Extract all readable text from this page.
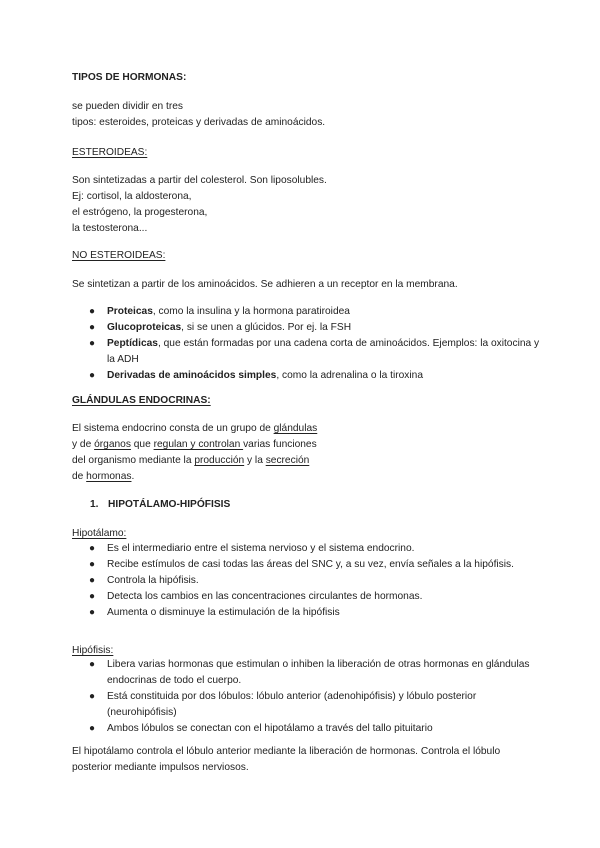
TIPOS DE HORMONAS:

se pueden dividir en tres

tipos: esteroides, proteicas y derivadas de aminoácidos.

ESTEROIDEAS:

Son sintetizadas a partir del colesterol. Son liposolubles.

Ej: cortisol, la aldosterona,

el estrógeno, la progesterona,

la testosterona...

NO ESTEROIDEAS:

Se sintetizan a partir de los aminoácidos. Se adhieren a un receptor en la membrana.

● Proteicas, como la insulina y la hormona paratiroidea
● Glucoproteicas, si se unen a glúcidos. Por ej. la FSH
● Peptídicas, que están formadas por una cadena corta de aminoácidos. Ejemplos: la oxitocina y la ADH
● Derivadas de aminoácidos simples, como la adrenalina o la tiroxina

GLÁNDULAS ENDOCRINAS:

El sistema endocrino consta de un grupo de glándulas

y de órganos que regulan y controlan varias funciones

del organismo mediante la producción y la secreción

de hormonas.

1. HIPOTÁLAMO-HIPÓFISIS

Hipotálamo:

● Es el intermediario entre el sistema nervioso y el sistema endocrino.
● Recibe estímulos de casi todas las áreas del SNC y, a su vez, envía señales a la hipófisis.
● Controla la hipófisis.
● Detecta los cambios en las concentraciones circulantes de hormonas.
● Aumenta o disminuye la estimulación de la hipófisis

Hipófisis:

● Libera varias hormonas que estimulan o inhiben la liberación de otras hormonas en glándulas endocrinas de todo el cuerpo.
● Está constituida por dos lóbulos: lóbulo anterior (adenohipófisis) y lóbulo posterior (neurohipófisis)
● Ambos lóbulos se conectan con el hipotálamo a través del tallo pituitario

El hipotálamo controla el lóbulo anterior mediante la liberación de hormonas. Controla el lóbulo posterior mediante impulsos nerviosos.
